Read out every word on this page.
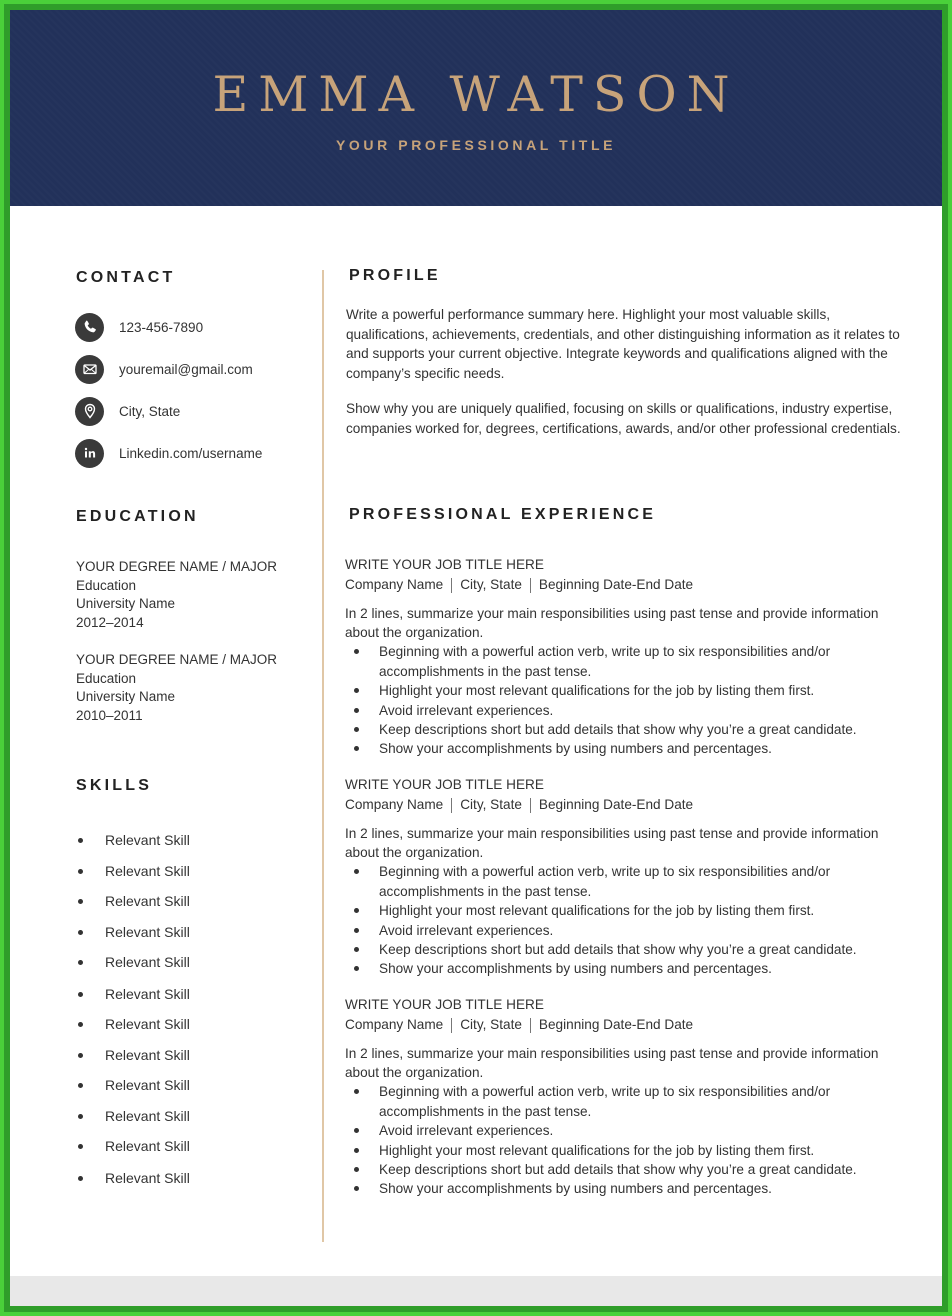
EMMA WATSON
YOUR PROFESSIONAL TITLE
CONTACT
123-456-7890
youremail@gmail.com
City, State
Linkedin.com/username
EDUCATION
YOUR DEGREE NAME / MAJOR
Education
University Name
2012–2014
YOUR DEGREE NAME / MAJOR
Education
University Name
2010–2011
SKILLS
Relevant Skill
Relevant Skill
Relevant Skill
Relevant Skill
Relevant Skill
Relevant Skill
Relevant Skill
Relevant Skill
Relevant Skill
Relevant Skill
Relevant Skill
Relevant Skill
PROFILE

Write a powerful performance summary here. Highlight your most valuable skills, qualifications, achievements, credentials, and other distinguishing information as it relates to and supports your current objective. Integrate keywords and qualifications aligned with the company’s specific needs.

Show why you are uniquely qualified, focusing on skills or qualifications, industry expertise, companies worked for, degrees, certifications, awards, and/or other professional credentials.

PROFESSIONAL EXPERIENCE
WRITE YOUR JOB TITLE HERE
Company Name City, State Beginning Date-End Date

In 2 lines, summarize your main responsibilities using past tense and provide information about the organization.

Beginning with a powerful action verb, write up to six responsibilities and/or accomplishments in the past tense.
Highlight your most relevant qualifications for the job by listing them first.
Avoid irrelevant experiences.
Keep descriptions short but add details that show why you’re a great candidate.
Show your accomplishments by using numbers and percentages.
WRITE YOUR JOB TITLE HERE
Company Name City, State Beginning Date-End Date

In 2 lines, summarize your main responsibilities using past tense and provide information about the organization.

Beginning with a powerful action verb, write up to six responsibilities and/or accomplishments in the past tense.
Highlight your most relevant qualifications for the job by listing them first.
Avoid irrelevant experiences.
Keep descriptions short but add details that show why you’re a great candidate.
Show your accomplishments by using numbers and percentages.
WRITE YOUR JOB TITLE HERE
Company Name City, State Beginning Date-End Date

In 2 lines, summarize your main responsibilities using past tense and provide information about the organization.

Beginning with a powerful action verb, write up to six responsibilities and/or accomplishments in the past tense.
Avoid irrelevant experiences.
Highlight your most relevant qualifications for the job by listing them first.
Keep descriptions short but add details that show why you’re a great candidate.
Show your accomplishments by using numbers and percentages.
